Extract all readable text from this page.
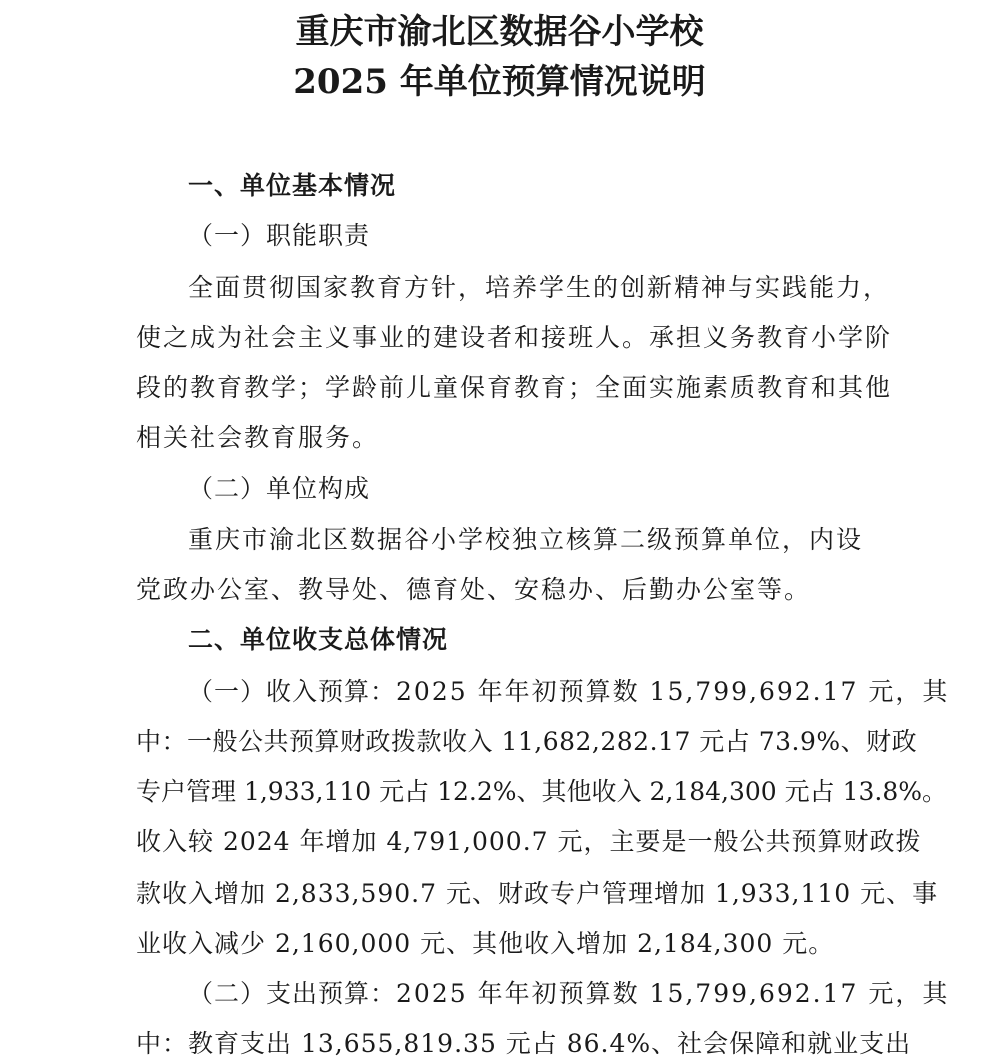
重庆市渝北区数据谷小学校
2025 年单位预算情况说明
一、单位基本情况
（一）职能职责
全面贯彻国家教育方针，培养学生的创新精神与实践能力，
使之成为社会主义事业的建设者和接班人。承担义务教育小学阶
段的教育教学；学龄前儿童保育教育；全面实施素质教育和其他
相关社会教育服务。
（二）单位构成
重庆市渝北区数据谷小学校独立核算二级预算单位，内设
党政办公室、教导处、德育处、安稳办、后勤办公室等。
二、单位收支总体情况
（一）收入预算：2025 年年初预算数 15,799,692.17 元，其
中：一般公共预算财政拨款收入 11,682,282.17 元占 73.9%、财政
专户管理 1,933,110 元占 12.2%、其他收入 2,184,300 元占 13.8%。
收入较 2024 年增加 4,791,000.7 元，主要是一般公共预算财政拨
款收入增加 2,833,590.7 元、财政专户管理增加 1,933,110 元、事
业收入减少 2,160,000 元、其他收入增加 2,184,300 元。
（二）支出预算：2025 年年初预算数 15,799,692.17 元，其
中：教育支出 13,655,819.35 元占 86.4%、社会保障和就业支出
